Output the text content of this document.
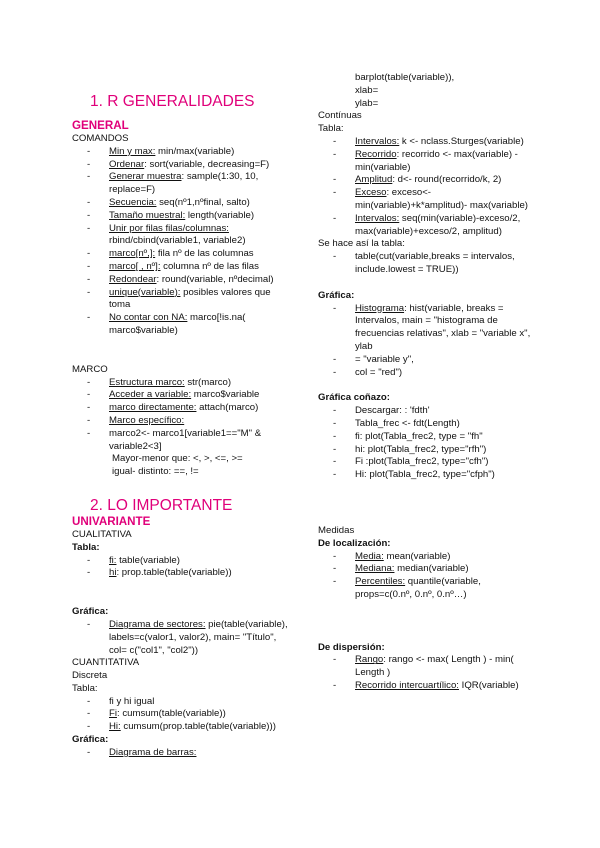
1. R GENERALIDADES
GENERAL

COMANDOS

- Min y max: min/max(variable)
- Ordenar: sort(variable, decreasing=F)
- Generar muestra: sample(1:30, 10, replace=F)
- Secuencia: seq(nº1,nºfinal, salto)
- Tamaño muestral: length(variable)
- Unir por filas filas/columnas: rbind/cbind(variable1, variable2)
- marco[nº,]: fila nº de las columnas
- marco[ , nº]: columna nº de las filas
- Redondear: round(variable, nºdecimal)
- unique(variable): posibles valores que toma
- No contar con NA: marco[!is.na( marco$variable)

MARCO

- Estructura marco: str(marco)
- Acceder a variable: marco$variable
- marco directamente: attach(marco)
- Marco específico:
- marco2<- marco1[variable1=="M" & variable2<3]

Mayor-menor que: <, >, <=, >=

igual- distinto: ==, !=

2. LO IMPORTANTE
UNIVARIANTE

CUALITATIVA

Tabla:

- fi: table(variable)
- hi: prop.table(table(variable))

Gráfica:

- Diagrama de sectores: pie(table(variable), labels=c(valor1, valor2), main= "Título", col= c("col1", "col2"))

CUANTITATIVA

Discreta

Tabla:

- fi y hi igual
- Fi: cumsum(table(variable))
- Hi: cumsum(prop.table(table(variable)))

Gráfica:

- Diagrama de barras:

barplot(table(variable)),

xlab=

ylab=

Contínuas

Tabla:

- Intervalos: k <- nclass.Sturges(variable)
- Recorrido: recorrido <- max(variable) - min(variable)
- Amplitud: d<- round(recorrido/k, 2)
- Exceso: exceso<- min(variable)+k*amplitud)- max(variable)
- Intervalos: seq(min(variable)-exceso/2, max(variable)+exceso/2, amplitud)

Se hace así la tabla:

- table(cut(variable,breaks = intervalos, include.lowest = TRUE))

Gráfica:

- Histograma: hist(variable, breaks = Intervalos, main = "histograma de frecuencias relativas", xlab = "variable x", ylab
- = "variable y",
- col = "red")

Gráfica coñazo:

- Descargar: : 'fdth'
- Tabla_frec <- fdt(Length)
- fi: plot(Tabla_frec2, type = "fh"
- hi: plot(Tabla_frec2, type="rfh")
- Fi :plot(Tabla_frec2, type="cfh")
- Hi: plot(Tabla_frec2, type="cfph")

Medidas

De localización:

- Media: mean(variable)
- Mediana: median(variable)
- Percentiles: quantile(variable, props=c(0.nº, 0.nº, 0.nº…)

De dispersión:

- Rango: rango <- max( Length ) - min( Length )
- Recorrido intercuartílico: IQR(variable)
